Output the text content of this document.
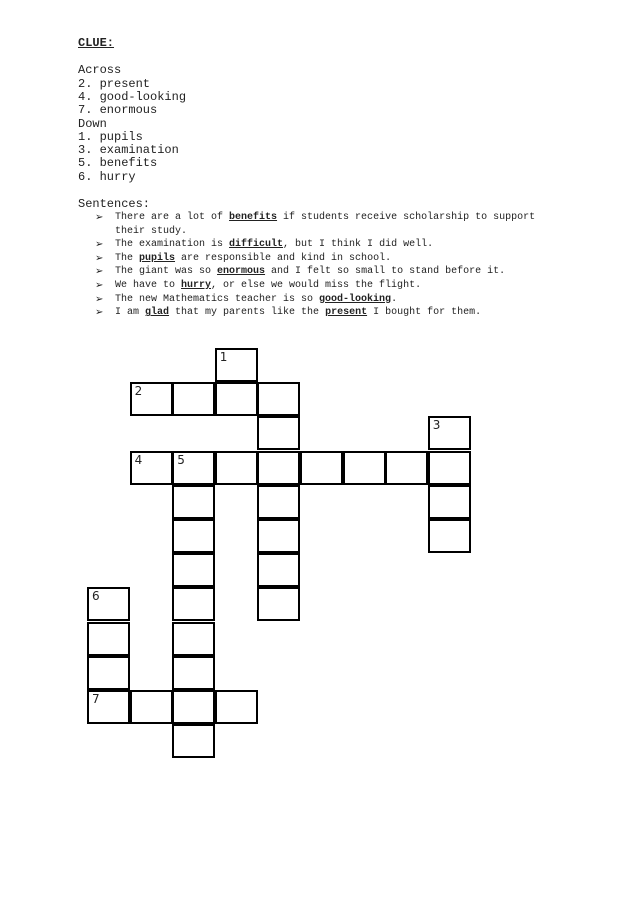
CLUE:
Across
2. present
4. good-looking
7. enormous
Down
1. pupils
3. examination
5. benefits
6. hurry
Sentences:
➢ There are a lot of benefits if students receive scholarship to support their study.
➢ The examination is difficult, but I think I did well.
➢ The pupils are responsible and kind in school.
➢ The giant was so enormous and I felt so small to stand before it.
➢ We have to hurry, or else we would miss the flight.
➢ The new Mathematics teacher is so good-looking.
➢ I am glad that my parents like the present I bought for them.
1
2
3
4	5
6
7
